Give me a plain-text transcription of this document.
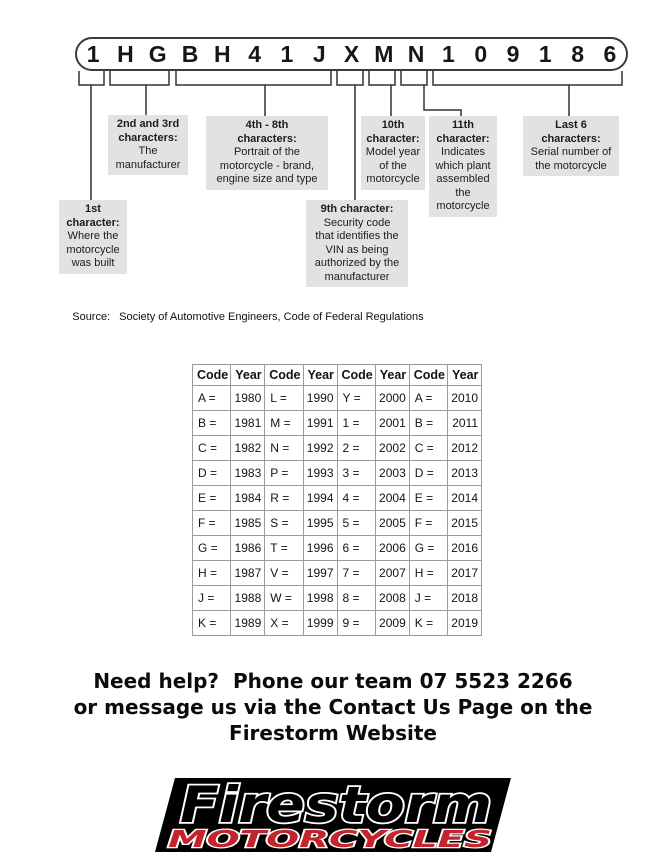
1 H G B H 4 1 J X M N 1 0 9 1 8 6
1st
character:
Where the
motorcycle
was built
2nd and 3rd
characters:
The
manufacturer
4th - 8th
characters:
Portrait of the
motorcycle - brand,
engine size and type
9th character:
Security code
that identifies the
VIN as being
authorized by the
manufacturer
10th
character:
Model year
of the
motorcycle
11th
character:
Indicates
which plant
assembled
the
motorcycle
Last 6
characters:
Serial number of
the motorcycle

Source: Society of Automotive Engineers, Code of Federal Regulations

Code	Year	Code	Year	Code	Year	Code	Year
A =	1980	L =	1990	Y =	2000	A =	2010
B =	1981	M =	1991	1 =	2001	B =	2011
C =	1982	N =	1992	2 =	2002	C =	2012
D =	1983	P =	1993	3 =	2003	D =	2013
E =	1984	R =	1994	4 =	2004	E =	2014
F =	1985	S =	1995	5 =	2005	F =	2015
G =	1986	T =	1996	6 =	2006	G =	2016
H =	1987	V =	1997	7 =	2007	H =	2017
J =	1988	W =	1998	8 =	2008	J =	2018
K =	1989	X =	1999	9 =	2009	K =	2019
Need help?  Phone our team 07 5523 2266
or message us via the Contact Us Page on the
Firestorm Website
Firestorm
MOTORCYCLES
